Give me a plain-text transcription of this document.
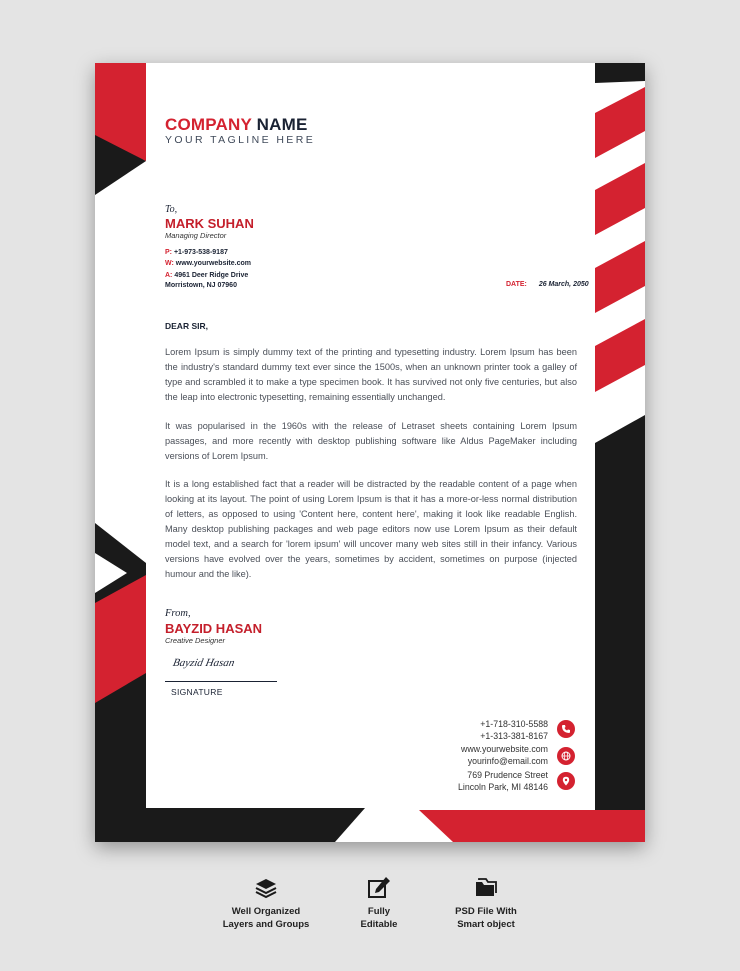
COMPANY NAME
YOUR TAGLINE HERE
To,
MARK SUHAN
Managing Director
P: +1-973-538-9187
W: www.yourwebsite.com
A: 4961 Deer Ridge Drive
Morristown, NJ 07960	DATE: 26 March, 2050
DEAR SIR,

Lorem Ipsum is simply dummy text of the printing and typesetting industry. Lorem Ipsum has been the industry's standard dummy text ever since the 1500s, when an unknown printer took a galley of type and scrambled it to make a type specimen book. It has survived not only five centuries, but also the leap into electronic typesetting, remaining essentially unchanged.

It was popularised in the 1960s with the release of Letraset sheets containing Lorem Ipsum passages, and more recently with desktop publishing software like Aldus PageMaker including versions of Lorem Ipsum.

It is a long established fact that a reader will be distracted by the readable content of a page when looking at its layout. The point of using Lorem Ipsum is that it has a more-or-less normal distribution of letters, as opposed to using 'Content here, content here', making it look like readable English. Many desktop publishing packages and web page editors now use Lorem Ipsum as their default model text, and a search for 'lorem ipsum' will uncover many web sites still in their infancy. Various versions have evolved over the years, sometimes by accident, sometimes on purpose (injected humour and the like).

From,
BAYZID HASAN
Creative Designer
Bayzid Hasan
SIGNATURE
+1-718-310-5588
+1-313-381-8167
www.yourwebsite.com
yourinfo@email.com
769 Prudence Street
Lincoln Park, MI 48146
Well Organized
Layers and Groups
Fully
Editable
PSD File With
Smart object
